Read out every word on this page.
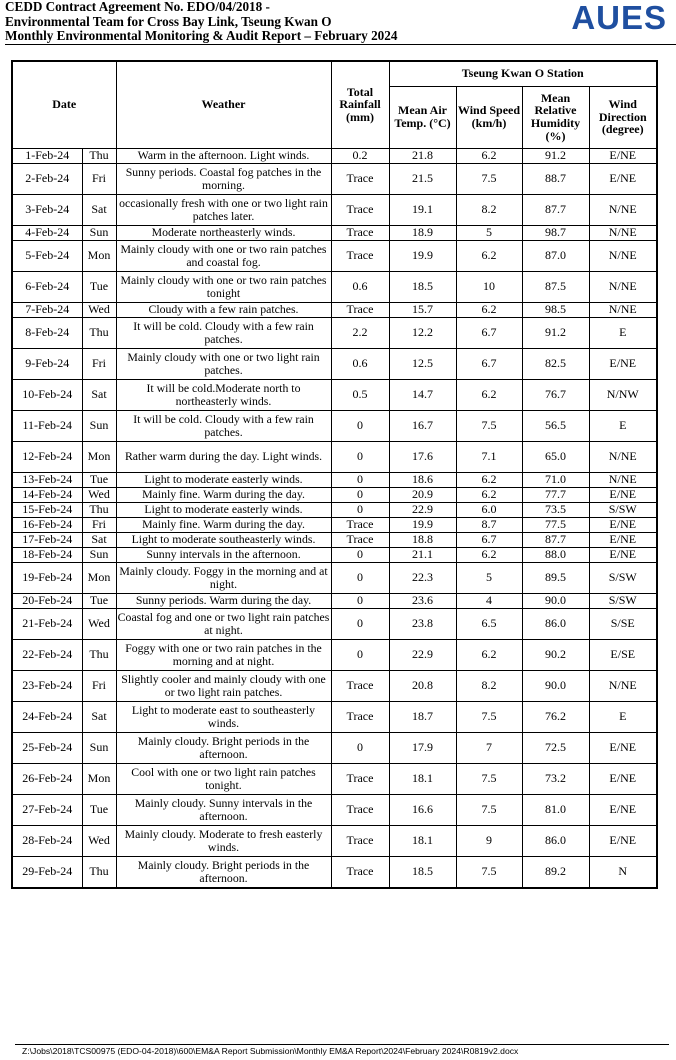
CEDD Contract Agreement No. EDO/04/2018 -
Environmental Team for Cross Bay Link, Tseung Kwan O
Monthly Environmental Monitoring & Audit Report – February 2024	AUES
Date		Weather	Total Rainfall (mm)	Tseung Kwan O Station			
				Mean Air Temp. (°C)	Wind Speed (km/h)	Mean Relative Humidity (%)	Wind Direction (degree)
1-Feb-24	Thu	Warm in the afternoon. Light winds.	0.2	21.8	6.2	91.2	E/NE
2-Feb-24	Fri	Sunny periods. Coastal fog patches in the morning.	Trace	21.5	7.5	88.7	E/NE
3-Feb-24	Sat	occasionally fresh with one or two light rain patches later.	Trace	19.1	8.2	87.7	N/NE
4-Feb-24	Sun	Moderate northeasterly winds.	Trace	18.9	5	98.7	N/NE
5-Feb-24	Mon	Mainly cloudy with one or two rain patches and coastal fog.	Trace	19.9	6.2	87.0	N/NE
6-Feb-24	Tue	Mainly cloudy with one or two rain patches tonight	0.6	18.5	10	87.5	N/NE
7-Feb-24	Wed	Cloudy with a few rain patches.	Trace	15.7	6.2	98.5	N/NE
8-Feb-24	Thu	It will be cold. Cloudy with a few rain patches.	2.2	12.2	6.7	91.2	E
9-Feb-24	Fri	Mainly cloudy with one or two light rain patches.	0.6	12.5	6.7	82.5	E/NE
10-Feb-24	Sat	It will be cold.Moderate north to northeasterly winds.	0.5	14.7	6.2	76.7	N/NW
11-Feb-24	Sun	It will be cold. Cloudy with a few rain patches.	0	16.7	7.5	56.5	E
12-Feb-24	Mon	Rather warm during the day. Light winds.	0	17.6	7.1	65.0	N/NE
13-Feb-24	Tue	Light to moderate easterly winds.	0	18.6	6.2	71.0	N/NE
14-Feb-24	Wed	Mainly fine. Warm during the day.	0	20.9	6.2	77.7	E/NE
15-Feb-24	Thu	Light to moderate easterly winds.	0	22.9	6.0	73.5	S/SW
16-Feb-24	Fri	Mainly fine. Warm during the day.	Trace	19.9	8.7	77.5	E/NE
17-Feb-24	Sat	Light to moderate southeasterly winds.	Trace	18.8	6.7	87.7	E/NE
18-Feb-24	Sun	Sunny intervals in the afternoon.	0	21.1	6.2	88.0	E/NE
19-Feb-24	Mon	Mainly cloudy. Foggy in the morning and at night.	0	22.3	5	89.5	S/SW
20-Feb-24	Tue	Sunny periods. Warm during the day.	0	23.6	4	90.0	S/SW
21-Feb-24	Wed	Coastal fog and one or two light rain patches at night.	0	23.8	6.5	86.0	S/SE
22-Feb-24	Thu	Foggy with one or two rain patches in the morning and at night.	0	22.9	6.2	90.2	E/SE
23-Feb-24	Fri	Slightly cooler and mainly cloudy with one or two light rain patches.	Trace	20.8	8.2	90.0	N/NE
24-Feb-24	Sat	Light to moderate east to southeasterly winds.	Trace	18.7	7.5	76.2	E
25-Feb-24	Sun	Mainly cloudy. Bright periods in the afternoon.	0	17.9	7	72.5	E/NE
26-Feb-24	Mon	Cool with one or two light rain patches tonight.	Trace	18.1	7.5	73.2	E/NE
27-Feb-24	Tue	Mainly cloudy. Sunny intervals in the afternoon.	Trace	16.6	7.5	81.0	E/NE
28-Feb-24	Wed	Mainly cloudy. Moderate to fresh easterly winds.	Trace	18.1	9	86.0	E/NE
29-Feb-24	Thu	Mainly cloudy. Bright periods in the afternoon.	Trace	18.5	7.5	89.2	N
Z:\Jobs\2018\TCS00975 (EDO-04-2018)\600\EM&A Report Submission\Monthly EM&A Report\2024\February 2024\R0819v2.docx
